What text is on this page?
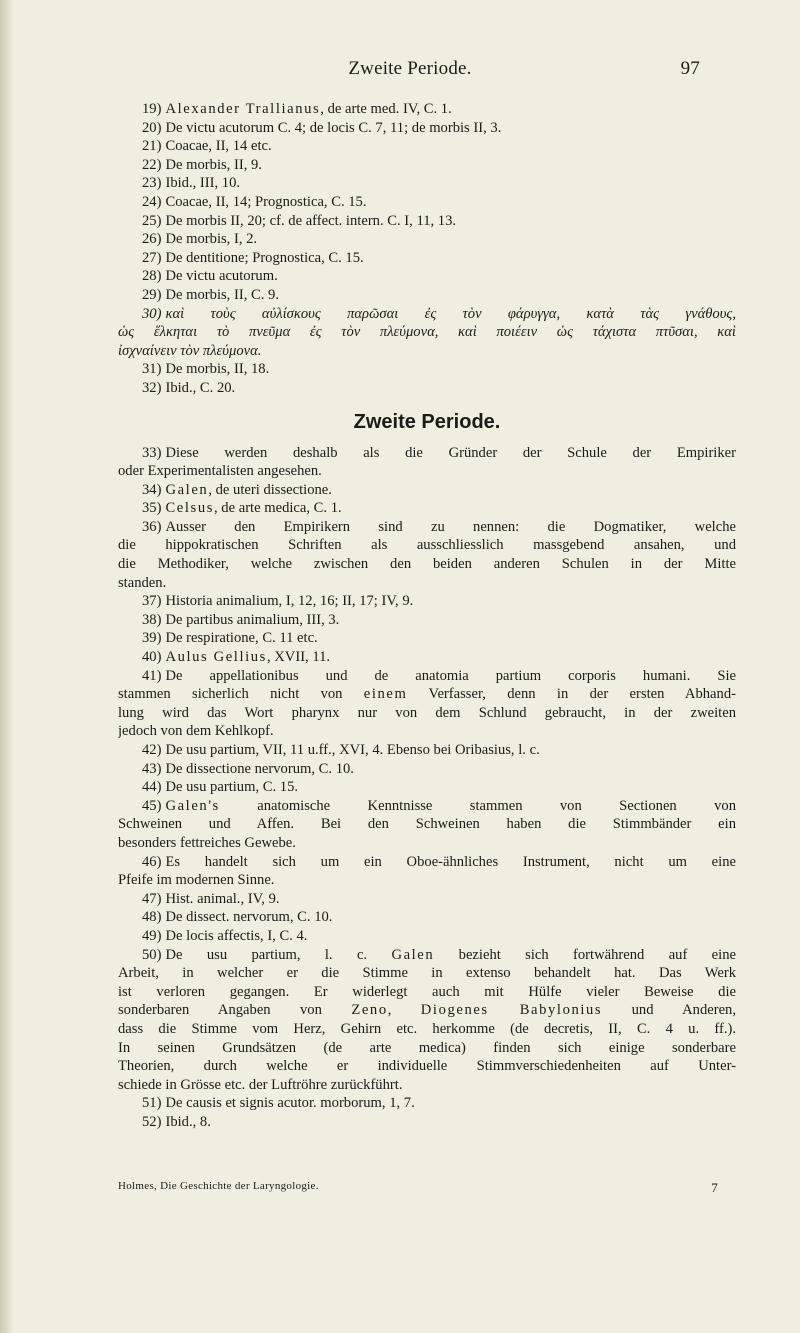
Zweite Periode.	97
19) Alexander Trallianus, de arte med. IV, C. 1.
20) De victu acutorum C. 4; de locis C. 7, 11; de morbis II, 3.
21) Coacae, II, 14 etc.
22) De morbis, II, 9.
23) Ibid., III, 10.
24) Coacae, II, 14; Prognostica, C. 15.
25) De morbis II, 20; cf. de affect. intern. C. I, 11, 13.
26) De morbis, I, 2.
27) De dentitione; Prognostica, C. 15.
28) De victu acutorum.
29) De morbis, II, C. 9.
30) καὶ τοὺς αὐλίσκους παρῶσαι ἐς τὸν φάρυγγα, κατὰ τὰς γνάθους,
ὡς ἕλκηται τὸ πνεῦμα ἐς τὸν πλεύμονα, καὶ ποιέειν ὡς τάχιστα πτῦσαι, καὶ
ἰσχναίνειν τὸν πλεύμονα.
31) De morbis, II, 18.
32) Ibid., C. 20.
Zweite Periode.
33) Diese werden deshalb als die Gründer der Schule der Empiriker
oder Experimentalisten angesehen.
34) Galen, de uteri dissectione.
35) Celsus, de arte medica, C. 1.
36) Ausser den Empirikern sind zu nennen: die Dogmatiker, welche
die hippokratischen Schriften als ausschliesslich massgebend ansahen, und
die Methodiker, welche zwischen den beiden anderen Schulen in der Mitte
standen.
37) Historia animalium, I, 12, 16; II, 17; IV, 9.
38) De partibus animalium, III, 3.
39) De respiratione, C. 11 etc.
40) Aulus Gellius, XVII, 11.
41) De appellationibus und de anatomia partium corporis humani. Sie
stammen sicherlich nicht von einem Verfasser, denn in der ersten Abhand-
lung wird das Wort pharynx nur von dem Schlund gebraucht, in der zweiten
jedoch von dem Kehlkopf.
42) De usu partium, VII, 11 u.ff., XVI, 4. Ebenso bei Oribasius, l. c.
43) De dissectione nervorum, C. 10.
44) De usu partium, C. 15.
45) Galen's anatomische Kenntnisse stammen von Sectionen von
Schweinen und Affen. Bei den Schweinen haben die Stimmbänder ein
besonders fettreiches Gewebe.
46) Es handelt sich um ein Oboe-ähnliches Instrument, nicht um eine
Pfeife im modernen Sinne.
47) Hist. animal., IV, 9.
48) De dissect. nervorum, C. 10.
49) De locis affectis, I, C. 4.
50) De usu partium, l. c. Galen bezieht sich fortwährend auf eine
Arbeit, in welcher er die Stimme in extenso behandelt hat. Das Werk
ist verloren gegangen. Er widerlegt auch mit Hülfe vieler Beweise die
sonderbaren Angaben von Zeno, Diogenes Babylonius und Anderen,
dass die Stimme vom Herz, Gehirn etc. herkomme (de decretis, II, C. 4 u. ff.).
In seinen Grundsätzen (de arte medica) finden sich einige sonderbare
Theorien, durch welche er individuelle Stimmverschiedenheiten auf Unter-
schiede in Grösse etc. der Luftröhre zurückführt.
51) De causis et signis acutor. morborum, 1, 7.
52) Ibid., 8.
Holmes, Die Geschichte der Laryngologie.	7
